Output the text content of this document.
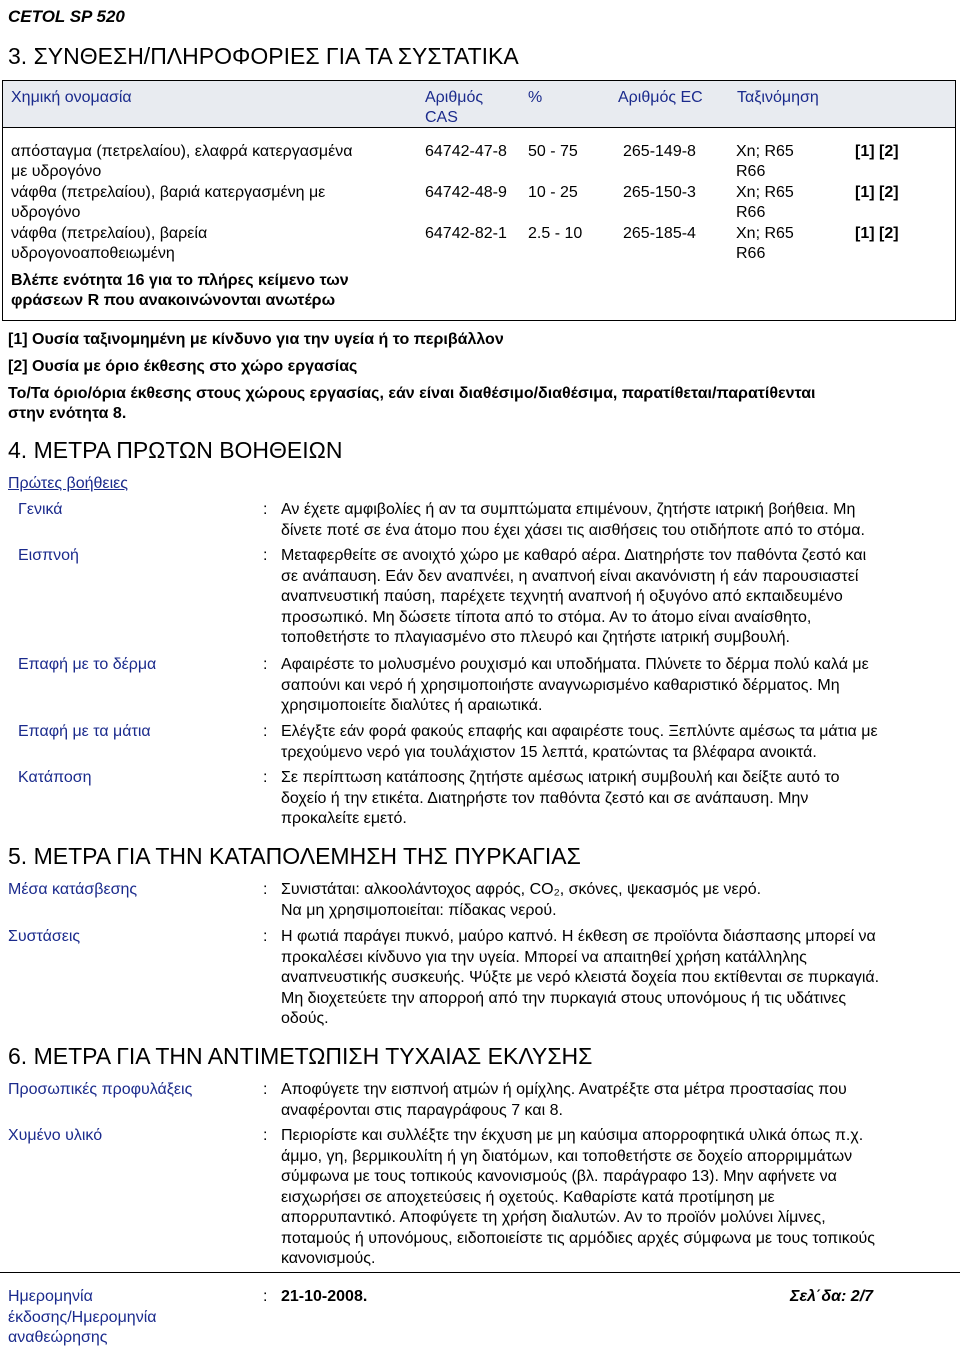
CETOL SP 520
3. ΣΥΝΘΕΣΗ/ΠΛΗΡΟΦΟΡΙΕΣ ΓΙΑ ΤΑ ΣΥΣΤΑΤΙΚΑ
Χημική ονομασία	Αριθμός
CAS
%	Αριθμός EC Ταξινόμηση
απόσταγμα (πετρελαίου), ελαφρά κατεργασμένα
με υδρογόνο
64742-47-8 50 - 75	265-149-8	Xn; R65
R66
[1] [2]
νάφθα (πετρελαίου), βαριά κατεργασμένη με
υδρογόνο
64742-48-9 10 - 25	265-150-3	Xn; R65
R66
[1] [2]
νάφθα (πετρελαίου), βαρεία
υδρογονοαποθειωμένη
64742-82-1 2.5 - 10	265-185-4	Xn; R65
R66
[1] [2]
Βλέπε ενότητα 16 για το πλήρες κείμενο των
φράσεων R που ανακοινώνονται ανωτέρω
[1] Ουσία ταξινομημένη με κίνδυνο για την υγεία ή το περιβάλλον
[2] Ουσία με όριο έκθεσης στο χώρο εργασίας
Το/Τα όριο/όρια έκθεσης στους χώρους εργασίας, εάν είναι διαθέσιμο/διαθέσιμα, παρατίθεται/παρατίθενται
στην ενότητα 8.
4. ΜΕΤΡΑ ΠΡΩΤΩΝ ΒΟΗΘΕΙΩΝ
Πρώτες βοήθειες
Γενικά	: Αν έχετε αμφιβολίες ή αν τα συμπτώματα επιμένουν, ζητήστε ιατρική βοήθεια. Μη
δίνετε ποτέ σε ένα άτομο που έχει χάσει τις αισθήσεις του οτιδήποτε από το στόμα.
Εισπνοή	: Μεταφερθείτε σε ανοιχτό χώρο με καθαρό αέρα. Διατηρήστε τον παθόντα ζεστό και
σε ανάπαυση. Εάν δεν αναπνέει, η αναπνοή είναι ακανόνιστη ή εάν παρουσιαστεί
αναπνευστική παύση, παρέχετε τεχνητή αναπνοή ή οξυγόνο από εκπαιδευμένο
προσωπικό. Μη δώσετε τίποτα από το στόμα. Αν το άτομο είναι αναίσθητο,
τοποθετήστε το πλαγιασμένο στο πλευρό και ζητήστε ιατρική συμβουλή.
Επαφή με το δέρμα	: Αφαιρέστε το μολυσμένο ρουχισμό και υποδήματα. Πλύνετε το δέρμα πολύ καλά με
σαπούνι και νερό ή χρησιμοποιήστε αναγνωρισμένο καθαριστικό δέρματος. Μη
χρησιμοποιείτε διαλύτες ή αραιωτικά.
Επαφή με τα μάτια	: Ελέγξτε εάν φορά φακούς επαφής και αφαιρέστε τους. Ξεπλύντε αμέσως τα μάτια με
τρεχούμενο νερό για τουλάχιστον 15 λεπτά, κρατώντας τα βλέφαρα ανοικτά.
Κατάποση	: Σε περίπτωση κατάποσης ζητήστε αμέσως ιατρική συμβουλή και δείξτε αυτό το
δοχείο ή την ετικέτα. Διατηρήστε τον παθόντα ζεστό και σε ανάπαυση. Μην
προκαλείτε εμετό.
5. ΜΕΤΡΑ ΓΙΑ ΤΗΝ ΚΑΤΑΠΟΛΕΜΗΣΗ ΤΗΣ ΠΥΡΚΑΓΙΑΣ
Μέσα κατάσβεσης	: Συνιστάται: αλκοολάντοχος αφρός, CO₂, σκόνες, ψεκασμός με νερό.
Να μη χρησιμοποιείται: πίδακας νερού.
Συστάσεις	: Η φωτιά παράγει πυκνό, μαύρο καπνό. Η έκθεση σε προϊόντα διάσπασης μπορεί να
προκαλέσει κίνδυνο για την υγεία. Μπορεί να απαιτηθεί χρήση κατάλληλης
αναπνευστικής συσκευής. Ψύξτε με νερό κλειστά δοχεία που εκτίθενται σε πυρκαγιά.
Μη διοχετεύετε την απορροή από την πυρκαγιά στους υπονόμους ή τις υδάτινες
οδούς.
6. ΜΕΤΡΑ ΓΙΑ ΤΗΝ ΑΝΤΙΜΕΤΩΠΙΣΗ ΤΥΧΑΙΑΣ ΕΚΛΥΣΗΣ
Προσωπικές προφυλάξεις	: Αποφύγετε την εισπνοή ατμών ή ομίχλης. Ανατρέξτε στα μέτρα προστασίας που
αναφέρονται στις παραγράφους 7 και 8.
Χυμένο υλικό	: Περιορίστε και συλλέξτε την έκχυση με μη καύσιμα απορροφητικά υλικά όπως π.χ.
άμμο, γη, βερμικουλίτη ή γη διατόμων, και τοποθετήστε σε δοχείο απορριμμάτων
σύμφωνα με τους τοπικούς κανονισμούς (βλ. παράγραφο 13). Μην αφήνετε να
εισχωρήσει σε αποχετεύσεις ή οχετούς. Καθαρίστε κατά προτίμηση με
απορρυπαντικό. Αποφύγετε τη χρήση διαλυτών. Αν το προϊόν μολύνει λίμνες,
ποταμούς ή υπονόμους, ειδοποιείστε τις αρμόδιες αρχές σύμφωνα με τους τοπικούς
κανονισμούς.
Ημερομηνία
έκδοσης/Ημερομηνία
αναθεώρησης
: 21-10-2008.	Σελ΄δα: 2/7
